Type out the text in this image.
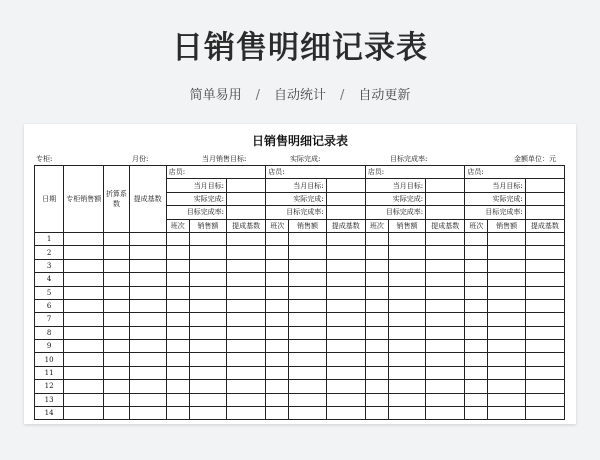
日销售明细记录表
简单易用 / 自动统计 / 自动更新
日销售明细记录表
专柜:	月份:	当月销售目标:	实际完成:	目标完成率:	金额单位：元
日期	专柜销售额	折算系数	提成基数	店员:			店员:			店员:			店员:		
				当月目标:			当月目标:			当月目标:			当月目标:		
				实际完成:			实际完成:			实际完成:			实际完成:		
				目标完成率:			目标完成率:			目标完成率:			目标完成率:		
				班次	销售额	提成基数	班次	销售额	提成基数	班次	销售额	提成基数	班次	销售额	提成基数
1															
2															
3															
4															
5															
6															
7															
8															
9															
10															
11															
12															
13															
14															
